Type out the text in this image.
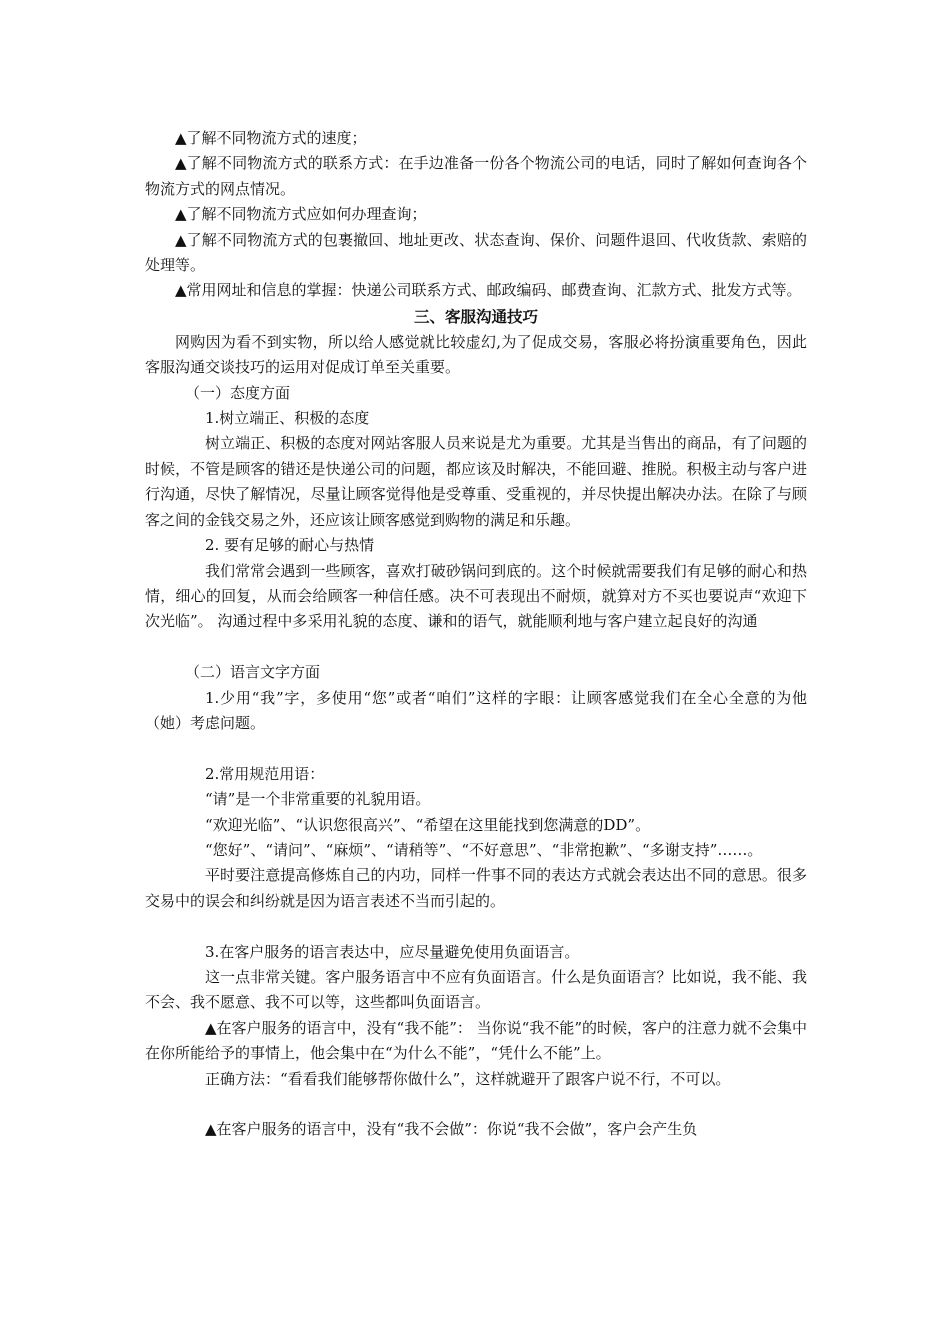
▲了解不同物流方式的速度；

▲了解不同物流方式的联系方式：在手边准备一份各个物流公司的电话，同时了解如何查询各个物流方式的网点情况。

▲了解不同物流方式应如何办理查询；

▲了解不同物流方式的包裹撤回、地址更改、状态查询、保价、问题件退回、代收货款、索赔的处理等。

▲常用网址和信息的掌握：快递公司联系方式、邮政编码、邮费查询、汇款方式、批发方式等。

三、客服沟通技巧

网购因为看不到实物，所以给人感觉就比较虚幻,为了促成交易，客服必将扮演重要角色，因此客服沟通交谈技巧的运用对促成订单至关重要。

（一）态度方面

1.树立端正、积极的态度

树立端正、积极的态度对网站客服人员来说是尤为重要。尤其是当售出的商品，有了问题的时候，不管是顾客的错还是快递公司的问题，都应该及时解决，不能回避、推脱。积极主动与客户进行沟通，尽快了解情况，尽量让顾客觉得他是受尊重、受重视的，并尽快提出解决办法。在除了与顾客之间的金钱交易之外，还应该让顾客感觉到购物的满足和乐趣。

2. 要有足够的耐心与热情

我们常常会遇到一些顾客，喜欢打破砂锅问到底的。这个时候就需要我们有足够的耐心和热情，细心的回复，从而会给顾客一种信任感。决不可表现出不耐烦，就算对方不买也要说声“欢迎下次光临”。 沟通过程中多采用礼貌的态度、谦和的语气，就能顺利地与客户建立起良好的沟通

（二）语言文字方面

1.少用“我”字，多使用“您”或者“咱们”这样的字眼：让顾客感觉我们在全心全意的为他（她）考虑问题。

2.常用规范用语：

“请”是一个非常重要的礼貌用语。

“欢迎光临”、“认识您很高兴”、“希望在这里能找到您满意的DD”。

“您好”、“请问”、“麻烦”、“请稍等”、“不好意思”、“非常抱歉”、“多谢支持”……。

平时要注意提高修炼自己的内功，同样一件事不同的表达方式就会表达出不同的意思。很多交易中的误会和纠纷就是因为语言表述不当而引起的。

3.在客户服务的语言表达中，应尽量避免使用负面语言。

这一点非常关键。客户服务语言中不应有负面语言。什么是负面语言？比如说，我不能、我不会、我不愿意、我不可以等，这些都叫负面语言。

▲在客户服务的语言中，没有“我不能”： 当你说“我不能”的时候，客户的注意力就不会集中在你所能给予的事情上，他会集中在“为什么不能”，“凭什么不能”上。

正确方法：“看看我们能够帮你做什么”，这样就避开了跟客户说不行，不可以。

▲在客户服务的语言中，没有“我不会做”：你说“我不会做”，客户会产生负
